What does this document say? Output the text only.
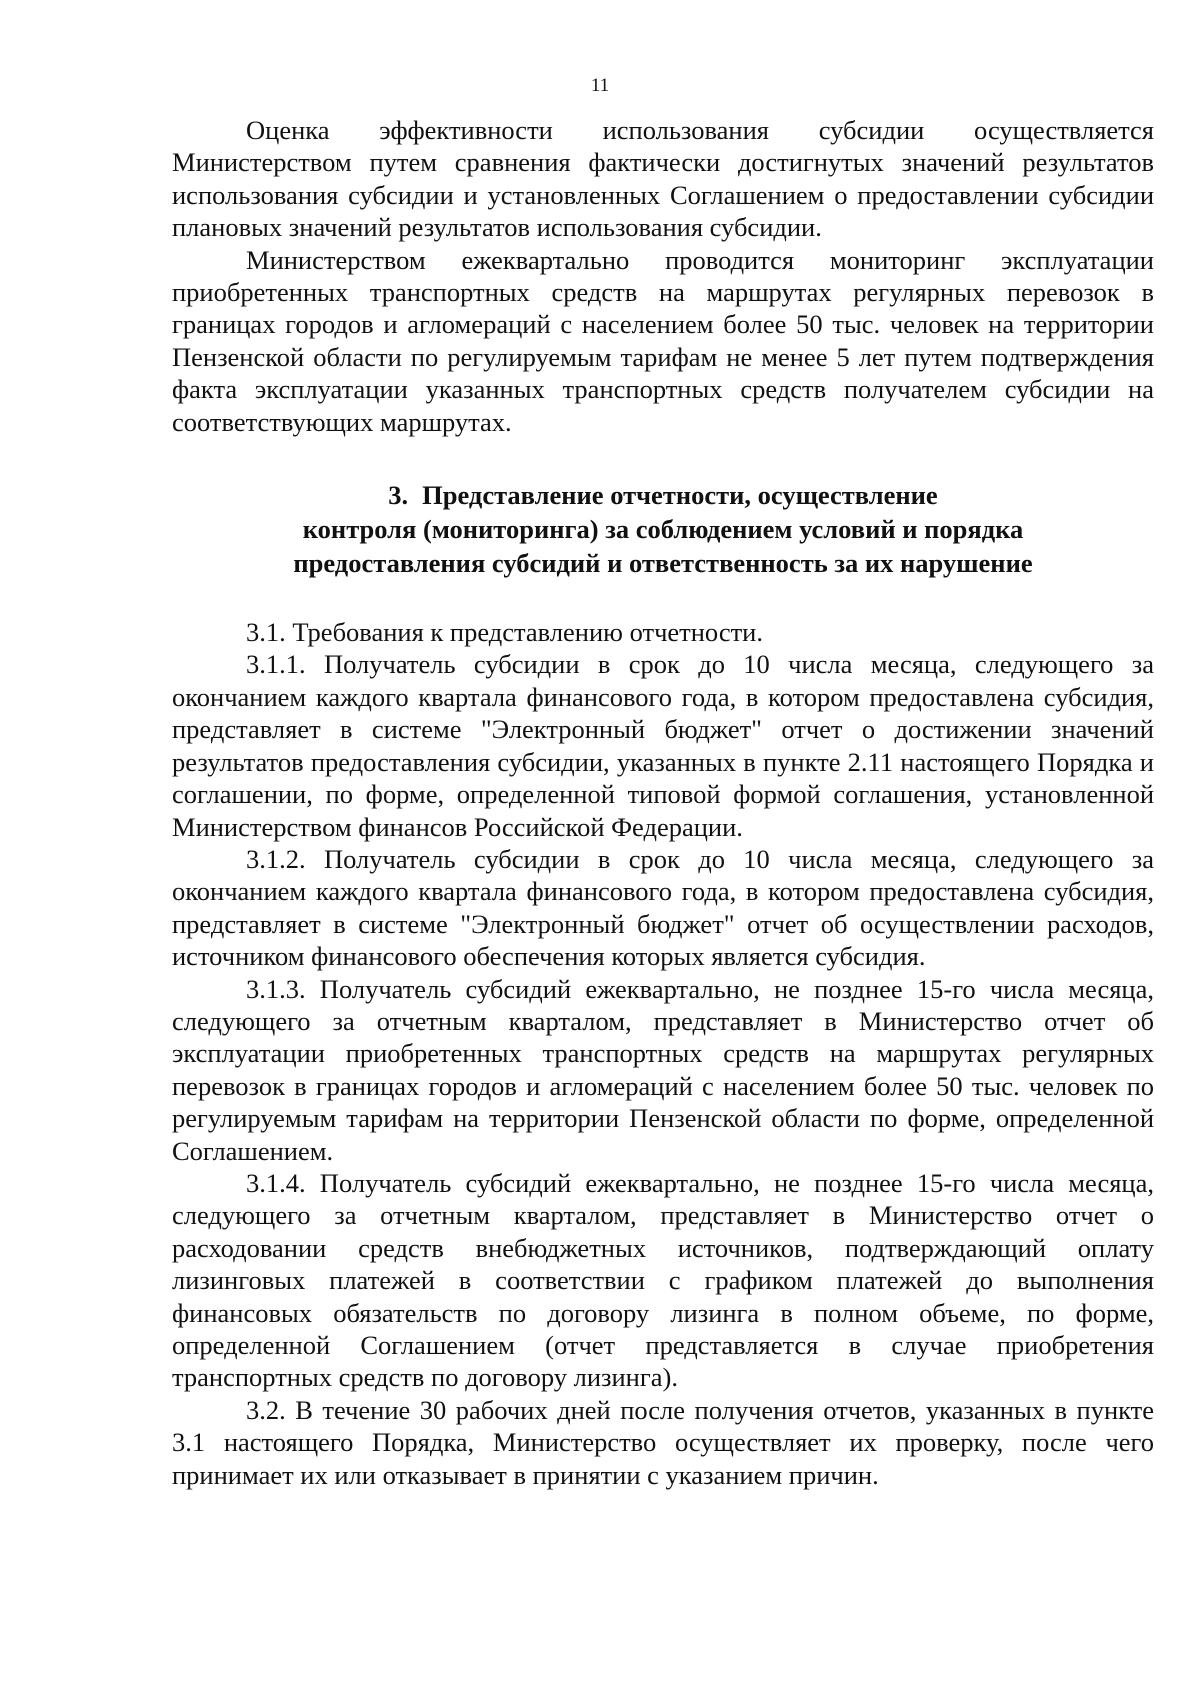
11

Оценка эффективности использования субсидии осуществляется Министерством путем сравнения фактически достигнутых значений результатов использования субсидии и установленных Соглашением о предоставлении субсидии плановых значений результатов использования субсидии.

Министерством ежеквартально проводится мониторинг эксплуатации приобретенных транспортных средств на маршрутах регулярных перевозок в границах городов и агломераций с населением более 50 тыс. человек на территории Пензенской области по регулируемым тарифам не менее 5 лет путем подтверждения факта эксплуатации указанных транспортных средств получателем субсидии на соответствующих маршрутах.

3. Представление отчетности, осуществление
контроля (мониторинга) за соблюдением условий и порядка
предоставления субсидий и ответственность за их нарушение

3.1. Требования к представлению отчетности.

3.1.1. Получатель субсидии в срок до 10 числа месяца, следующего за окончанием каждого квартала финансового года, в котором предоставлена субсидия, представляет в системе "Электронный бюджет" отчет о достижении значений результатов предоставления субсидии, указанных в пункте 2.11 настоящего Порядка и соглашении, по форме, определенной типовой формой соглашения, установленной Министерством финансов Российской Федерации.

3.1.2. Получатель субсидии в срок до 10 числа месяца, следующего за окончанием каждого квартала финансового года, в котором предоставлена субсидия, представляет в системе "Электронный бюджет" отчет об осуществлении расходов, источником финансового обеспечения которых является субсидия.

3.1.3. Получатель субсидий ежеквартально, не позднее 15-го числа месяца, следующего за отчетным кварталом, представляет в Министерство отчет об эксплуатации приобретенных транспортных средств на маршрутах регулярных перевозок в границах городов и агломераций с населением более 50 тыс. человек по регулируемым тарифам на территории Пензенской области по форме, определенной Соглашением.

3.1.4. Получатель субсидий ежеквартально, не позднее 15-го числа месяца, следующего за отчетным кварталом, представляет в Министерство отчет о расходовании средств внебюджетных источников, подтверждающий оплату лизинговых платежей в соответствии с графиком платежей до выполнения финансовых обязательств по договору лизинга в полном объеме, по форме, определенной Соглашением (отчет представляется в случае приобретения транспортных средств по договору лизинга).

3.2. В течение 30 рабочих дней после получения отчетов, указанных в пункте 3.1 настоящего Порядка, Министерство осуществляет их проверку, после чего принимает их или отказывает в принятии с указанием причин.
